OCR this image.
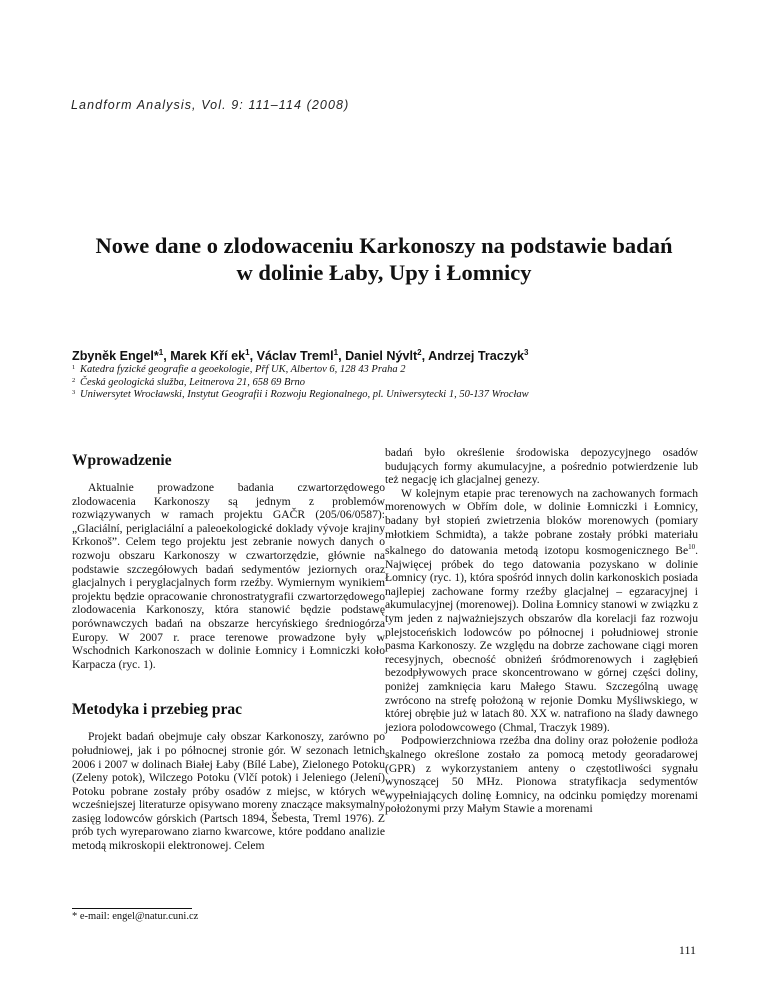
Landform Analysis, Vol. 9: 111–114 (2008)
Nowe dane o zlodowaceniu Karkonoszy na podstawie badań
w dolinie Łaby, Upy i Łomnicy
Zbyněk Engel*$^1$, Marek Kří $ek^1$, Václav Treml$^1$, Daniel Nývlt$^2$, Andrzej Traczyk$^3$
1 Katedra fyzické geografie a geoekologie, Přf UK, Albertov 6, 128 43 Praha 2
2 Česká geologická služba, Leitnerova 21, 658 69 Brno
3 Uniwersytet Wrocławski, Instytut Geografii i Rozwoju Regionalnego, pl. Uniwersytecki 1, 50-137 Wrocław
Wprowadzenie

Aktualnie prowadzone badania czwartorzędowego zlodowacenia Karkonoszy są jednym z problemów rozwiązywanych w ramach projektu GAČR (205/06/0587): „Glaciální, periglaciální a paleoekologické doklady vývoje krajiny Krkonoš”. Celem tego projektu jest zebranie nowych danych o rozwoju obszaru Karkonoszy w czwartorzędzie, głównie na podstawie szczegółowych badań sedymentów jeziornych oraz glacjalnych i peryglacjalnych form rzeźby. Wymiernym wynikiem projektu będzie opracowanie chronostratygrafii czwartorzędowego zlodowacenia Karkonoszy, która stanowić będzie podstawę porównawczych badań na obszarze hercyńskiego średniogórza Europy. W 2007 r. prace terenowe prowadzone były w Wschodnich Karkonoszach w dolinie Łomnicy i Łomniczki koło Karpacza (ryc. 1).

Metodyka i przebieg prac

Projekt badań obejmuje cały obszar Karkonoszy, zarówno po południowej, jak i po północnej stronie gór. W sezonach letnich 2006 i 2007 w dolinach Białej Łaby (Bílé Labe), Zielonego Potoku (Zeleny potok), Wilczego Potoku (Vlčí potok) i Jeleniego (Jelení) Potoku pobrane zostały próby osadów z miejsc, w których we wcześniejszej literaturze opisywano moreny znaczące maksymalny zasięg lodowców górskich (Partsch 1894, Šebesta, Treml 1976). Z prób tych wyreparowano ziarno kwarcowe, które poddano analizie metodą mikroskopii elektronowej. Celem

badań było określenie środowiska depozycyjnego osadów budujących formy akumulacyjne, a pośrednio potwierdzenie lub też negację ich glacjalnej genezy.

W kolejnym etapie prac terenowych na zachowanych formach morenowych w Obřím dole, w dolinie Łomniczki i Łomnicy, badany był stopień zwietrzenia bloków morenowych (pomiary młotkiem Schmidta), a także pobrane zostały próbki materiału skalnego do datowania metodą izotopu kosmogenicznego Be$^{10}$. Najwięcej próbek do tego datowania pozyskano w dolinie Łomnicy (ryc. 1), która spośród innych dolin karkonoskich posiada najlepiej zachowane formy rzeźby glacjalnej – egzaracyjnej i akumulacyjnej (morenowej). Dolina Łomnicy stanowi w związku z tym jeden z najważniejszych obszarów dla korelacji faz rozwoju plejstoceńskich lodowców po północnej i południowej stronie pasma Karkonoszy. Ze względu na dobrze zachowane ciągi moren recesyjnych, obecność obniżeń śródmorenowych i zagłębień bezodpływowych prace skoncentrowano w górnej części doliny, poniżej zamknięcia karu Małego Stawu. Szczególną uwagę zwrócono na strefę położoną w rejonie Domku Myśliwskiego, w której obrębie już w latach 80. XX w. natrafiono na ślady dawnego jeziora polodowcowego (Chmal, Traczyk 1989).

Podpowierzchniowa rzeźba dna doliny oraz położenie podłoża skalnego określone zostało za pomocą metody georadarowej (GPR) z wykorzystaniem anteny o częstotliwości sygnału wynoszącej 50 MHz. Pionowa stratyfikacja sedymentów wypełniających dolinę Łomnicy, na odcinku pomiędzy morenami położonymi przy Małym Stawie a morenami

* e-mail: engel@natur.cuni.cz
111
